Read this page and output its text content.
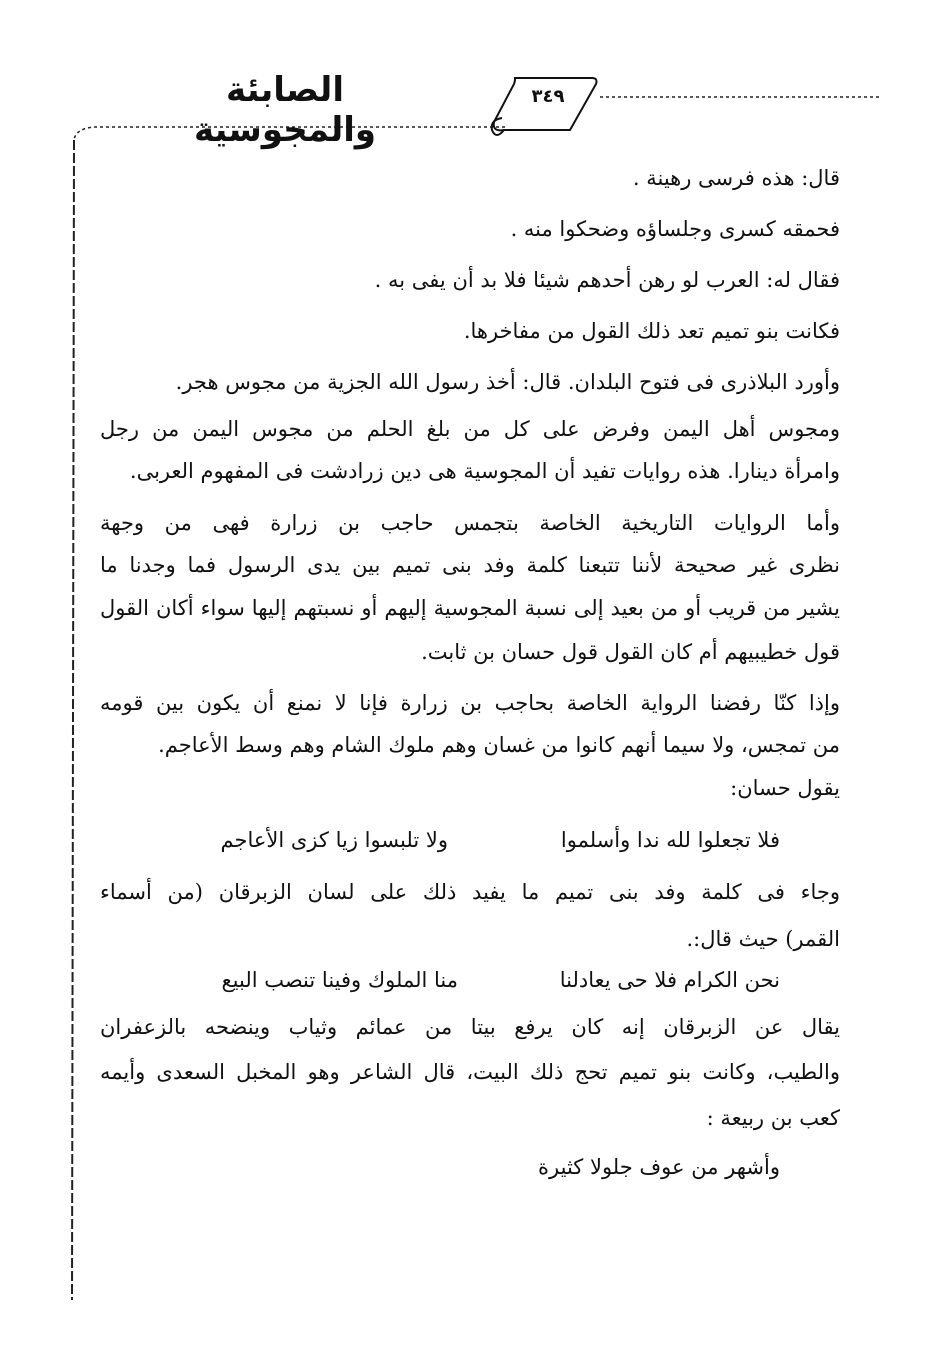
الصابئة والمجوسية
٣٤٩
قال: هذه فرسى رهينة .
فحمقه كسرى وجلساؤه وضحكوا منه .
فقال له: العرب لو رهن أحدهم شيئا فلا بد أن يفى به .
فكانت بنو تميم تعد ذلك القول من مفاخرها.
وأورد البلاذرى فى فتوح البلدان. قال: أخذ رسول الله الجزية من مجوس هجر.
ومجوس أهل اليمن وفرض على كل من بلغ الحلم من مجوس اليمن من رجل
وامرأة دينارا. هذه روايات تفيد أن المجوسية هى دين زرادشت فى المفهوم العربى.
وأما الروايات التاريخية الخاصة بتجمس حاجب بن زرارة فهى من وجهة
نظرى غير صحيحة لأننا تتبعنا كلمة وفد بنى تميم بين يدى الرسول فما وجدنا ما
يشير من قريب أو من بعيد إلى نسبة المجوسية إليهم أو نسبتهم إليها سواء أكان القول
قول خطيبيهم أم كان القول قول حسان بن ثابت.
وإذا كنّا رفضنا الرواية الخاصة بحاجب بن زرارة فإنا لا نمنع أن يكون بين قومه
من تمجس، ولا سيما أنهم كانوا من غسان وهم ملوك الشام وهم وسط الأعاجم.
يقول حسان:
فلا تجعلوا لله ندا وأسلموا
ولا تلبسوا زيا كزى الأعاجم
وجاء فى كلمة وفد بنى تميم ما يفيد ذلك على لسان الزبرقان (من أسماء
القمر) حيث قال:.
نحن الكرام فلا حى يعادلنا
منا الملوك وفينا تنصب البيع
يقال عن الزبرقان إنه كان يرفع بيتا من عمائم وثياب وينضحه بالزعفران
والطيب، وكانت بنو تميم تحج ذلك البيت، قال الشاعر وهو المخبل السعدى وأيمه
كعب بن ربيعة :
وأشهر من عوف جلولا كثيرة
